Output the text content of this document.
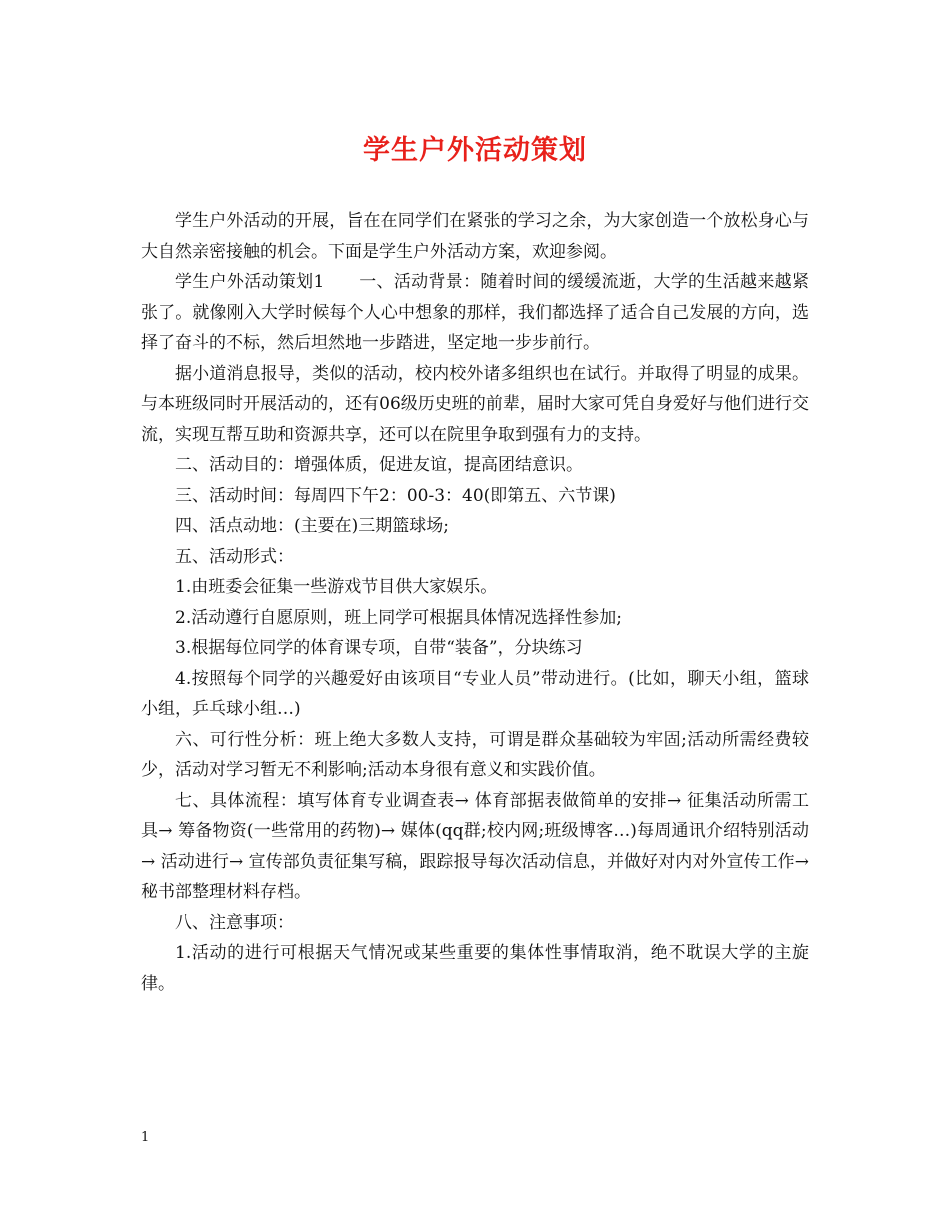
学生户外活动策划

学生户外活动的开展，旨在在同学们在紧张的学习之余，为大家创造一个放松身心与大自然亲密接触的机会。下面是学生户外活动方案，欢迎参阅。

学生户外活动策划1　　一、活动背景：随着时间的缓缓流逝，大学的生活越来越紧张了。就像刚入大学时候每个人心中想象的那样，我们都选择了适合自己发展的方向，选择了奋斗的不标，然后坦然地一步踏进，坚定地一步步前行。

据小道消息报导，类似的活动，校内校外诸多组织也在试行。并取得了明显的成果。与本班级同时开展活动的，还有06级历史班的前辈，届时大家可凭自身爱好与他们进行交流，实现互帮互助和资源共享，还可以在院里争取到强有力的支持。

二、活动目的：增强体质，促进友谊，提高团结意识。

三、活动时间：每周四下午2：00-3：40(即第五、六节课)

四、活点动地：(主要在)三期篮球场;

五、活动形式：

1.由班委会征集一些游戏节目供大家娱乐。

2.活动遵行自愿原则，班上同学可根据具体情况选择性参加;

3.根据每位同学的体育课专项，自带“装备”，分块练习

4.按照每个同学的兴趣爱好由该项目“专业人员”带动进行。(比如，聊天小组，篮球小组，乒乓球小组…)

六、可行性分析：班上绝大多数人支持，可谓是群众基础较为牢固;活动所需经费较少，活动对学习暂无不利影响;活动本身很有意义和实践价值。

七、具体流程：填写体育专业调查表→ 体育部据表做简单的安排→ 征集活动所需工具→ 筹备物资(一些常用的药物)→ 媒体(qq群;校内网;班级博客…)每周通讯介绍特别活动→ 活动进行→ 宣传部负责征集写稿，跟踪报导每次活动信息，并做好对内对外宣传工作→ 秘书部整理材料存档。

八、注意事项：

1.活动的进行可根据天气情况或某些重要的集体性事情取消，绝不耽误大学的主旋律。

1
